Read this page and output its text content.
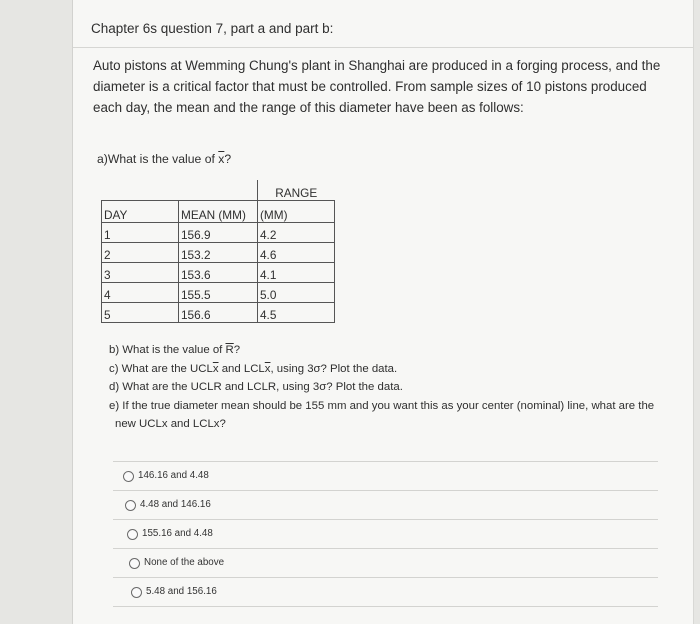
Chapter 6s question 7, part a and part b:
Auto pistons at Wemming Chung's plant in Shanghai are produced in a forging process, and the diameter is a critical factor that must be controlled. From sample sizes of 10 pistons produced each day, the mean and the range of this diameter have been as follows:
a)What is the value of $\overline{x}$?
		RANGE
DAY	MEAN (MM)	(MM)
1	156.9	4.2
2	153.2	4.6
3	153.6	4.1
4	155.5	5.0
5	156.6	4.5
b) What is the value of $\overline{R}$?
c) What are the $UCL\overline{x}$ and $LCL\overline{x}$, using 3σ? Plot the data.
d) What are the UCLR and LCLR, using 3σ? Plot the data.
e) If the true diameter mean should be 155 mm and you want this as your center (nominal) line, what are the new UCLx and LCLx?
146.16 and 4.48
4.48 and 146.16
155.16 and 4.48
None of the above
5.48 and 156.16
